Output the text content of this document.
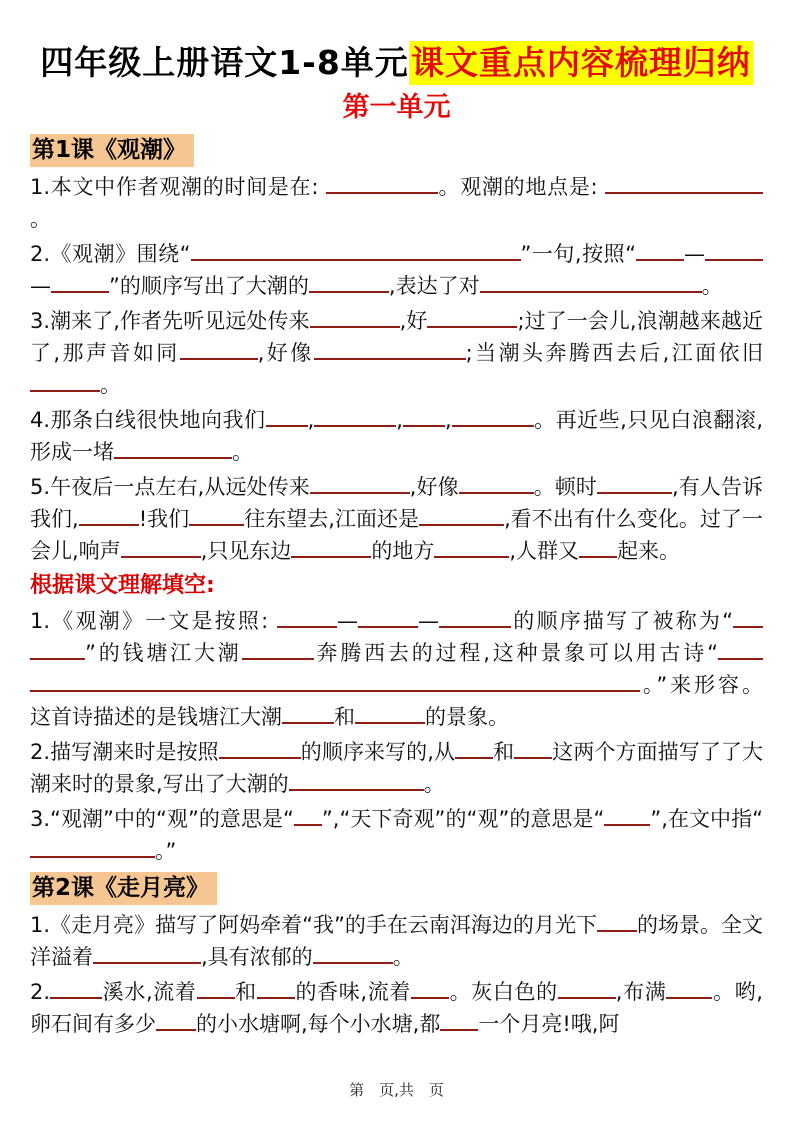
四年级上册语文1-8单元课文重点内容梳理归纳
第一单元
第1课《观潮》

1.本文中作者观潮的时间是在:	。观潮的地点是: 。

2.《观潮》围绕“	”一句,按照“ ——	”的顺序写出了大潮的	,表达了对	。

3.潮来了,作者先听见远处传来	,好	;过了一会儿,浪潮越来越近了,那声音如同	,好像	;当潮头奔腾西去后,江面依旧。

4.那条白线很快地向我们 ,	, ,	。再近些,只见白浪翻滚,形成一堵	。

5.午夜后一点左右,从远处传来	,好像	。顿时	,有人告诉我们,	!我们	往东望去,江面还是	,看不出有什么变化。过了一会儿,响声	,只见东边	的地方	,人群又 起来。

根据课文理解填空:

1.《观潮》一文是按照:	—	—	的顺序描写了被称为“”的钱塘江大潮	奔腾西去的过程,这种景象可以用古诗“。”来形容。这首诗描述的是钱塘江大潮 和	的景象。

2.描写潮来时是按照	的顺序来写的,从 和 这两个方面描写了了大潮来时的景象,写出了大潮的	。

3.“观潮”中的“观”的意思是“ ”,“天下奇观”的“观”的意思是“ ”,在文中指“。”

第2课《走月亮》

1.《走月亮》描写了阿妈牵着“我”的手在云南洱海边的月光下 的场景。全文洋溢着	,具有浓郁的	。

2. 溪水,流着 和 的香味,流着 。灰白色的	,布满 。哟,卵石间有多少 的小水塘啊,每个小水塘,都 一个月亮!哦,阿

第　页,共　页
